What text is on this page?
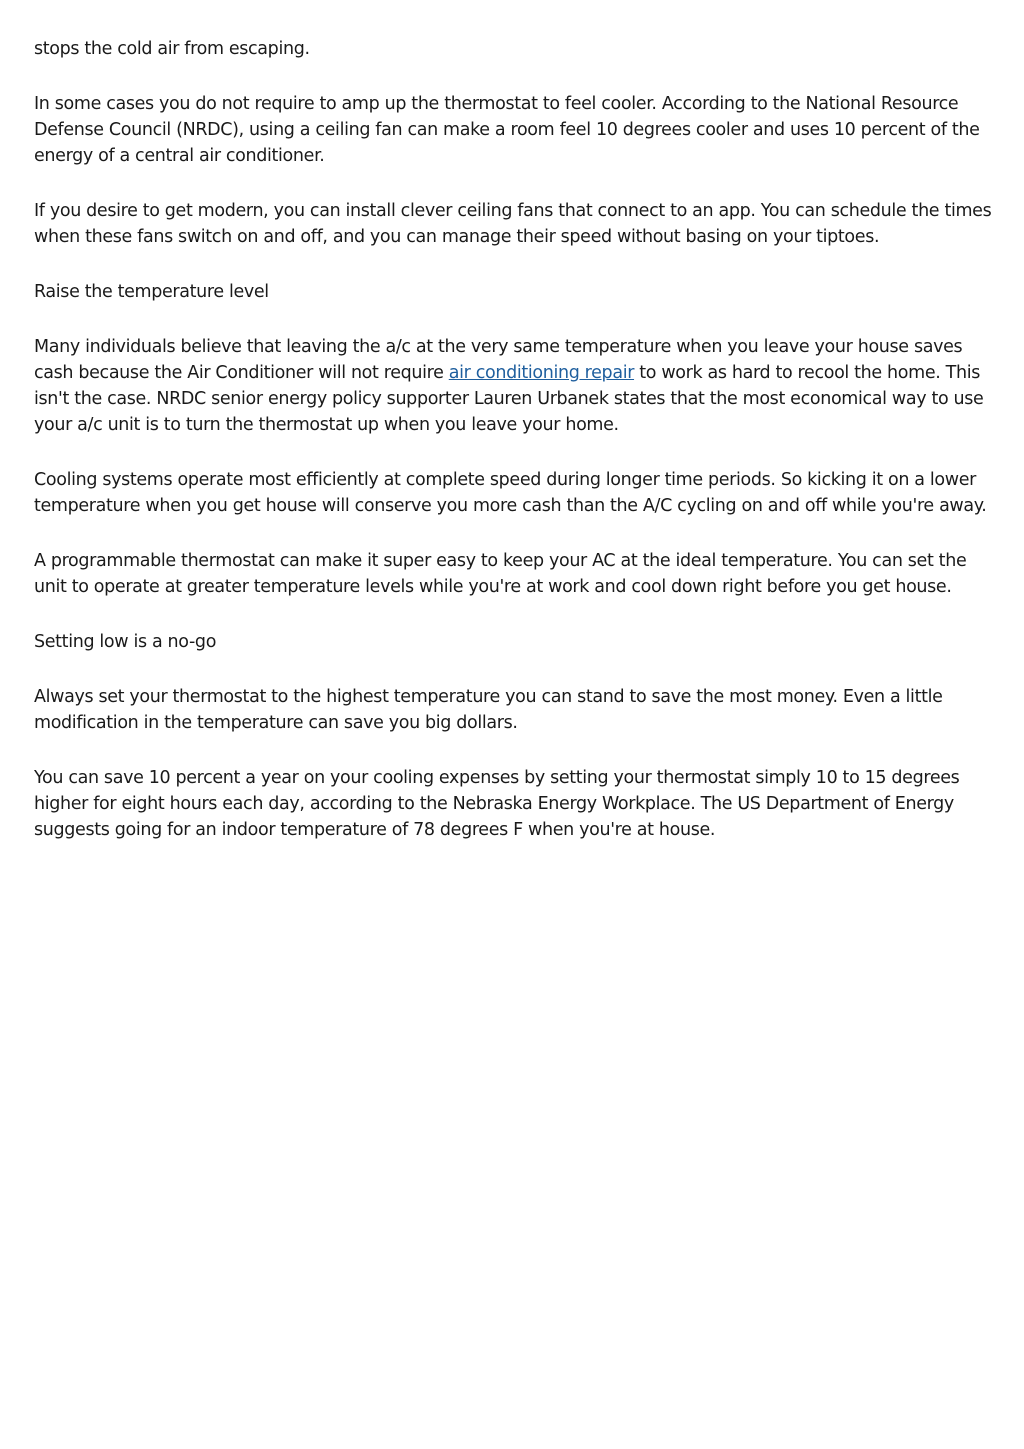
stops the cold air from escaping.

In some cases you do not require to amp up the thermostat to feel cooler. According to the National Resource Defense Council (NRDC), using a ceiling fan can make a room feel 10 degrees cooler and uses 10 percent of the energy of a central air conditioner.

If you desire to get modern, you can install clever ceiling fans that connect to an app. You can schedule the times when these fans switch on and off, and you can manage their speed without basing on your tiptoes.

Raise the temperature level

Many individuals believe that leaving the a/c at the very same temperature when you leave your house saves cash because the Air Conditioner will not require air conditioning repair to work as hard to recool the home. This isn't the case. NRDC senior energy policy supporter Lauren Urbanek states that the most economical way to use your a/c unit is to turn the thermostat up when you leave your home.

Cooling systems operate most efficiently at complete speed during longer time periods. So kicking it on a lower temperature when you get house will conserve you more cash than the A/C cycling on and off while you're away.

A programmable thermostat can make it super easy to keep your AC at the ideal temperature. You can set the unit to operate at greater temperature levels while you're at work and cool down right before you get house.

Setting low is a no-go

Always set your thermostat to the highest temperature you can stand to save the most money. Even a little modification in the temperature can save you big dollars.

You can save 10 percent a year on your cooling expenses by setting your thermostat simply 10 to 15 degrees higher for eight hours each day, according to the Nebraska Energy Workplace. The US Department of Energy suggests going for an indoor temperature of 78 degrees F when you're at house.
